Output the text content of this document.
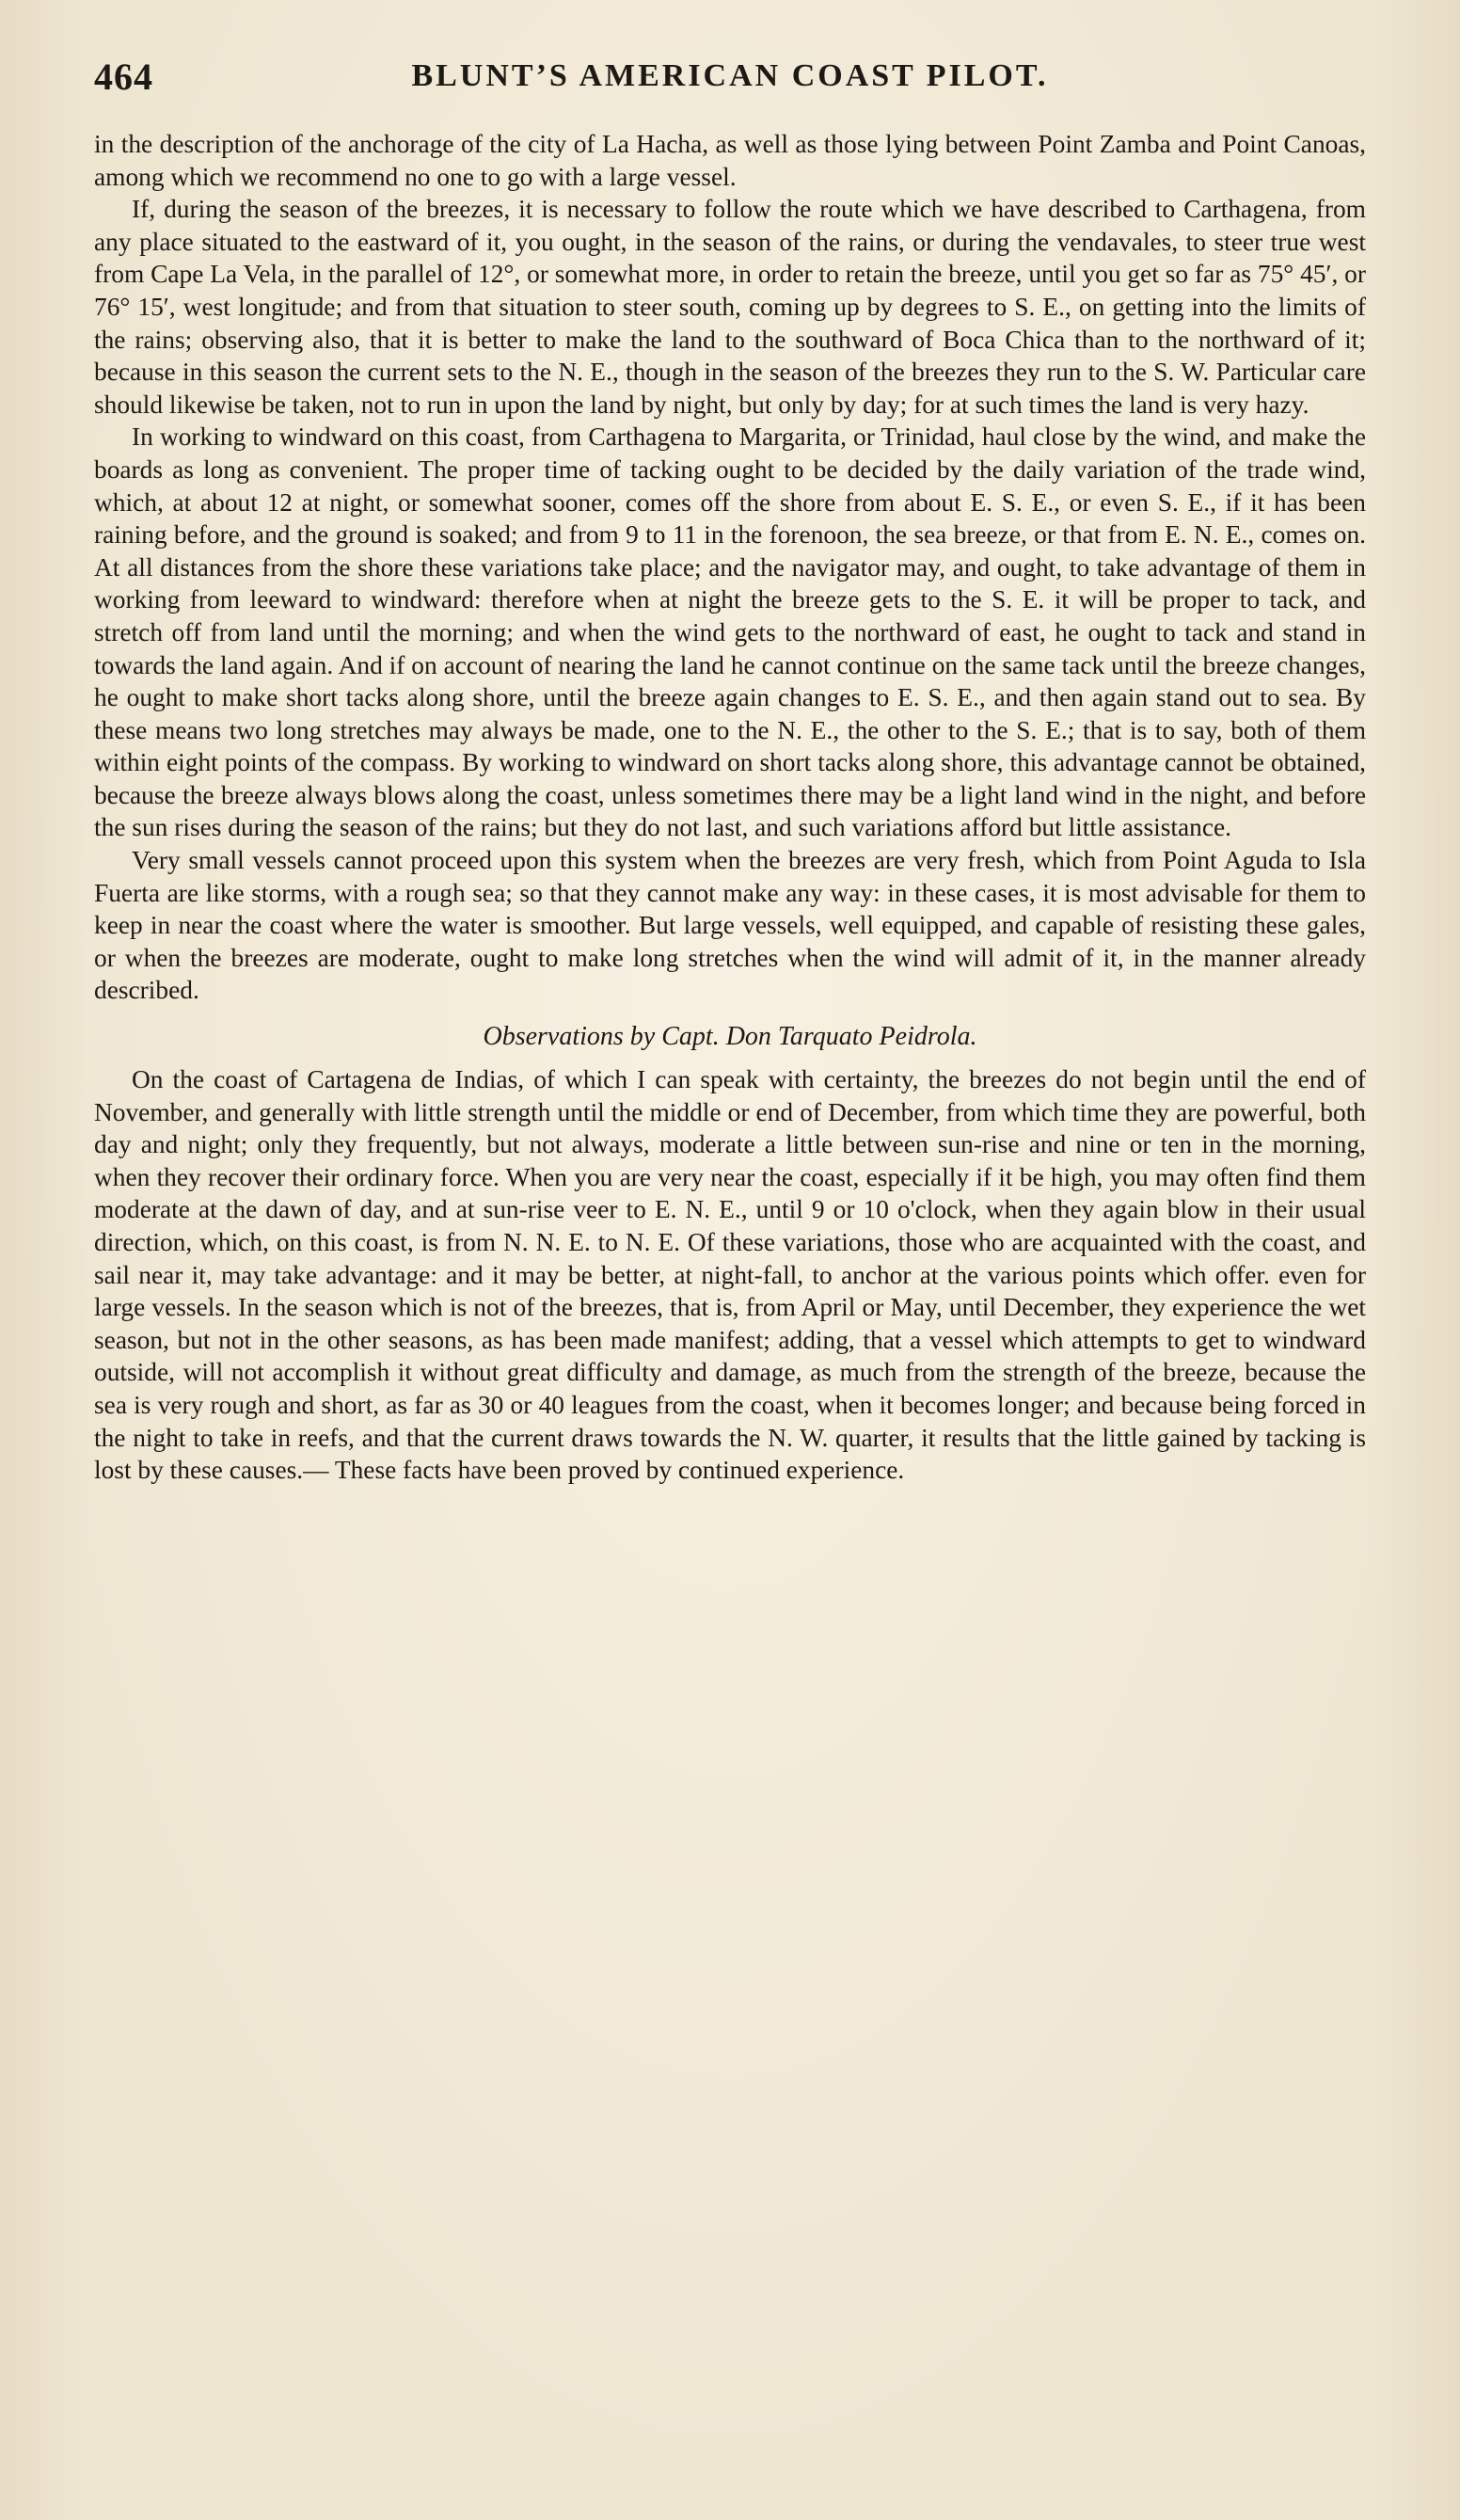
464	BLUNT’S AMERICAN COAST PILOT.

in the description of the anchorage of the city of La Hacha, as well as those lying between Point Zamba and Point Canoas, among which we recommend no one to go with a large vessel.

If, during the season of the breezes, it is necessary to follow the route which we have described to Carthagena, from any place situated to the eastward of it, you ought, in the season of the rains, or during the vendavales, to steer true west from Cape La Vela, in the parallel of 12°, or somewhat more, in order to retain the breeze, until you get so far as 75° 45′, or 76° 15′, west longitude; and from that situation to steer south, coming up by degrees to S. E., on getting into the limits of the rains; observing also, that it is better to make the land to the southward of Boca Chica than to the northward of it; because in this season the current sets to the N. E., though in the season of the breezes they run to the S. W. Particular care should likewise be taken, not to run in upon the land by night, but only by day; for at such times the land is very hazy.

In working to windward on this coast, from Carthagena to Margarita, or Trinidad, haul close by the wind, and make the boards as long as convenient. The proper time of tacking ought to be decided by the daily variation of the trade wind, which, at about 12 at night, or somewhat sooner, comes off the shore from about E. S. E., or even S. E., if it has been raining before, and the ground is soaked; and from 9 to 11 in the forenoon, the sea breeze, or that from E. N. E., comes on. At all distances from the shore these variations take place; and the navigator may, and ought, to take advantage of them in working from leeward to windward: therefore when at night the breeze gets to the S. E. it will be proper to tack, and stretch off from land until the morning; and when the wind gets to the northward of east, he ought to tack and stand in towards the land again. And if on account of nearing the land he cannot continue on the same tack until the breeze changes, he ought to make short tacks along shore, until the breeze again changes to E. S. E., and then again stand out to sea. By these means two long stretches may always be made, one to the N. E., the other to the S. E.; that is to say, both of them within eight points of the compass. By working to windward on short tacks along shore, this advantage cannot be obtained, because the breeze always blows along the coast, unless sometimes there may be a light land wind in the night, and before the sun rises during the season of the rains; but they do not last, and such variations afford but little assistance.

Very small vessels cannot proceed upon this system when the breezes are very fresh, which from Point Aguda to Isla Fuerta are like storms, with a rough sea; so that they cannot make any way: in these cases, it is most advisable for them to keep in near the coast where the water is smoother. But large vessels, well equipped, and capable of resisting these gales, or when the breezes are moderate, ought to make long stretches when the wind will admit of it, in the manner already described.

Observations by Capt. Don Tarquato Peidrola.

On the coast of Cartagena de Indias, of which I can speak with certainty, the breezes do not begin until the end of November, and generally with little strength until the middle or end of December, from which time they are powerful, both day and night; only they frequently, but not always, moderate a little between sun-rise and nine or ten in the morning, when they recover their ordinary force. When you are very near the coast, especially if it be high, you may often find them moderate at the dawn of day, and at sun-rise veer to E. N. E., until 9 or 10 o'clock, when they again blow in their usual direction, which, on this coast, is from N. N. E. to N. E. Of these variations, those who are acquainted with the coast, and sail near it, may take advantage: and it may be better, at night-fall, to anchor at the various points which offer. even for large vessels. In the season which is not of the breezes, that is, from April or May, until December, they experience the wet season, but not in the other seasons, as has been made manifest; adding, that a vessel which attempts to get to windward outside, will not accomplish it without great difficulty and damage, as much from the strength of the breeze, because the sea is very rough and short, as far as 30 or 40 leagues from the coast, when it becomes longer; and because being forced in the night to take in reefs, and that the current draws towards the N. W. quarter, it results that the little gained by tacking is lost by these causes.— These facts have been proved by continued experience.
